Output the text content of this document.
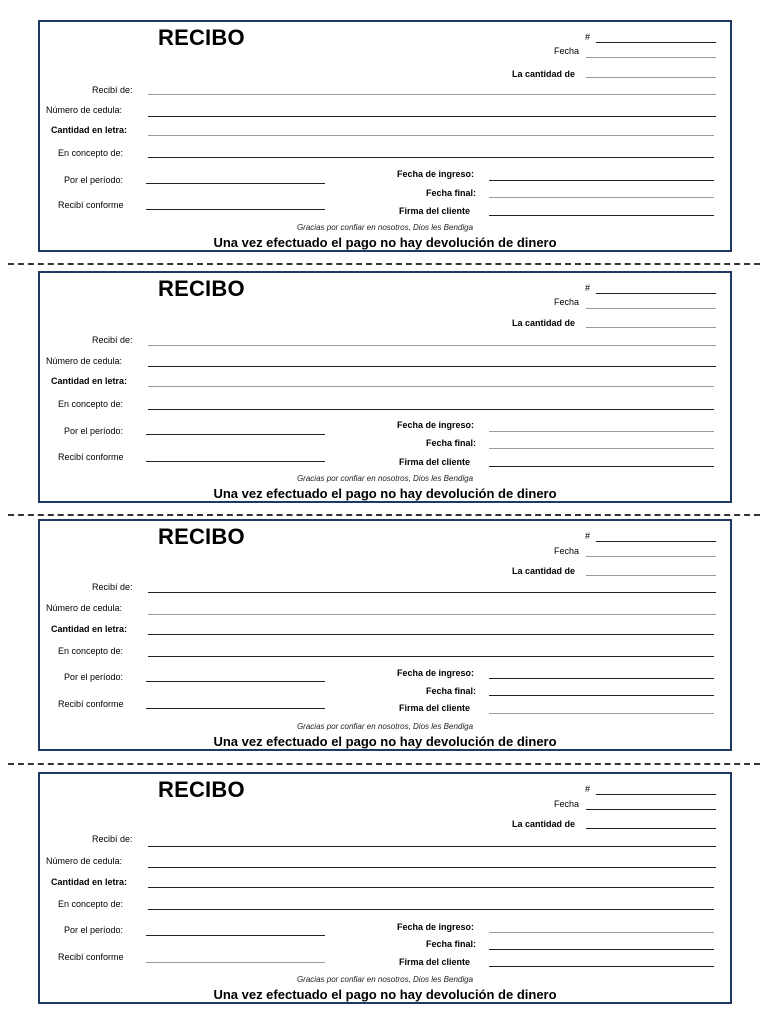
RECIBO	#
Fecha
La cantidad de
Recibí de:
Número de cedula:
Cantidad en letra:
En concepto de:
Por el período:
Recibí conforme
Fecha de ingreso:
Fecha final:
Firma del cliente
Gracias por confiar en nosotros, Dios les Bendiga
Una vez efectuado el pago no hay devolución de dinero
RECIBO	#
Fecha
La cantidad de
Recibí de:
Número de cedula:
Cantidad en letra:
En concepto de:
Por el período:
Recibí conforme
Fecha de ingreso:
Fecha final:
Firma del cliente
Gracias por confiar en nosotros, Dios les Bendiga
Una vez efectuado el pago no hay devolución de dinero
RECIBO	#
Fecha
La cantidad de
Recibí de:
Número de cedula:
Cantidad en letra:
En concepto de:
Por el período:
Recibí conforme
Fecha de ingreso:
Fecha final:
Firma del cliente
Gracias por confiar en nosotros, Dios les Bendiga
Una vez efectuado el pago no hay devolución de dinero
RECIBO	#
Fecha
La cantidad de
Recibí de:
Número de cedula:
Cantidad en letra:
En concepto de:
Por el período:
Recibí conforme
Fecha de ingreso:
Fecha final:
Firma del cliente
Gracias por confiar en nosotros, Dios les Bendiga
Una vez efectuado el pago no hay devolución de dinero
